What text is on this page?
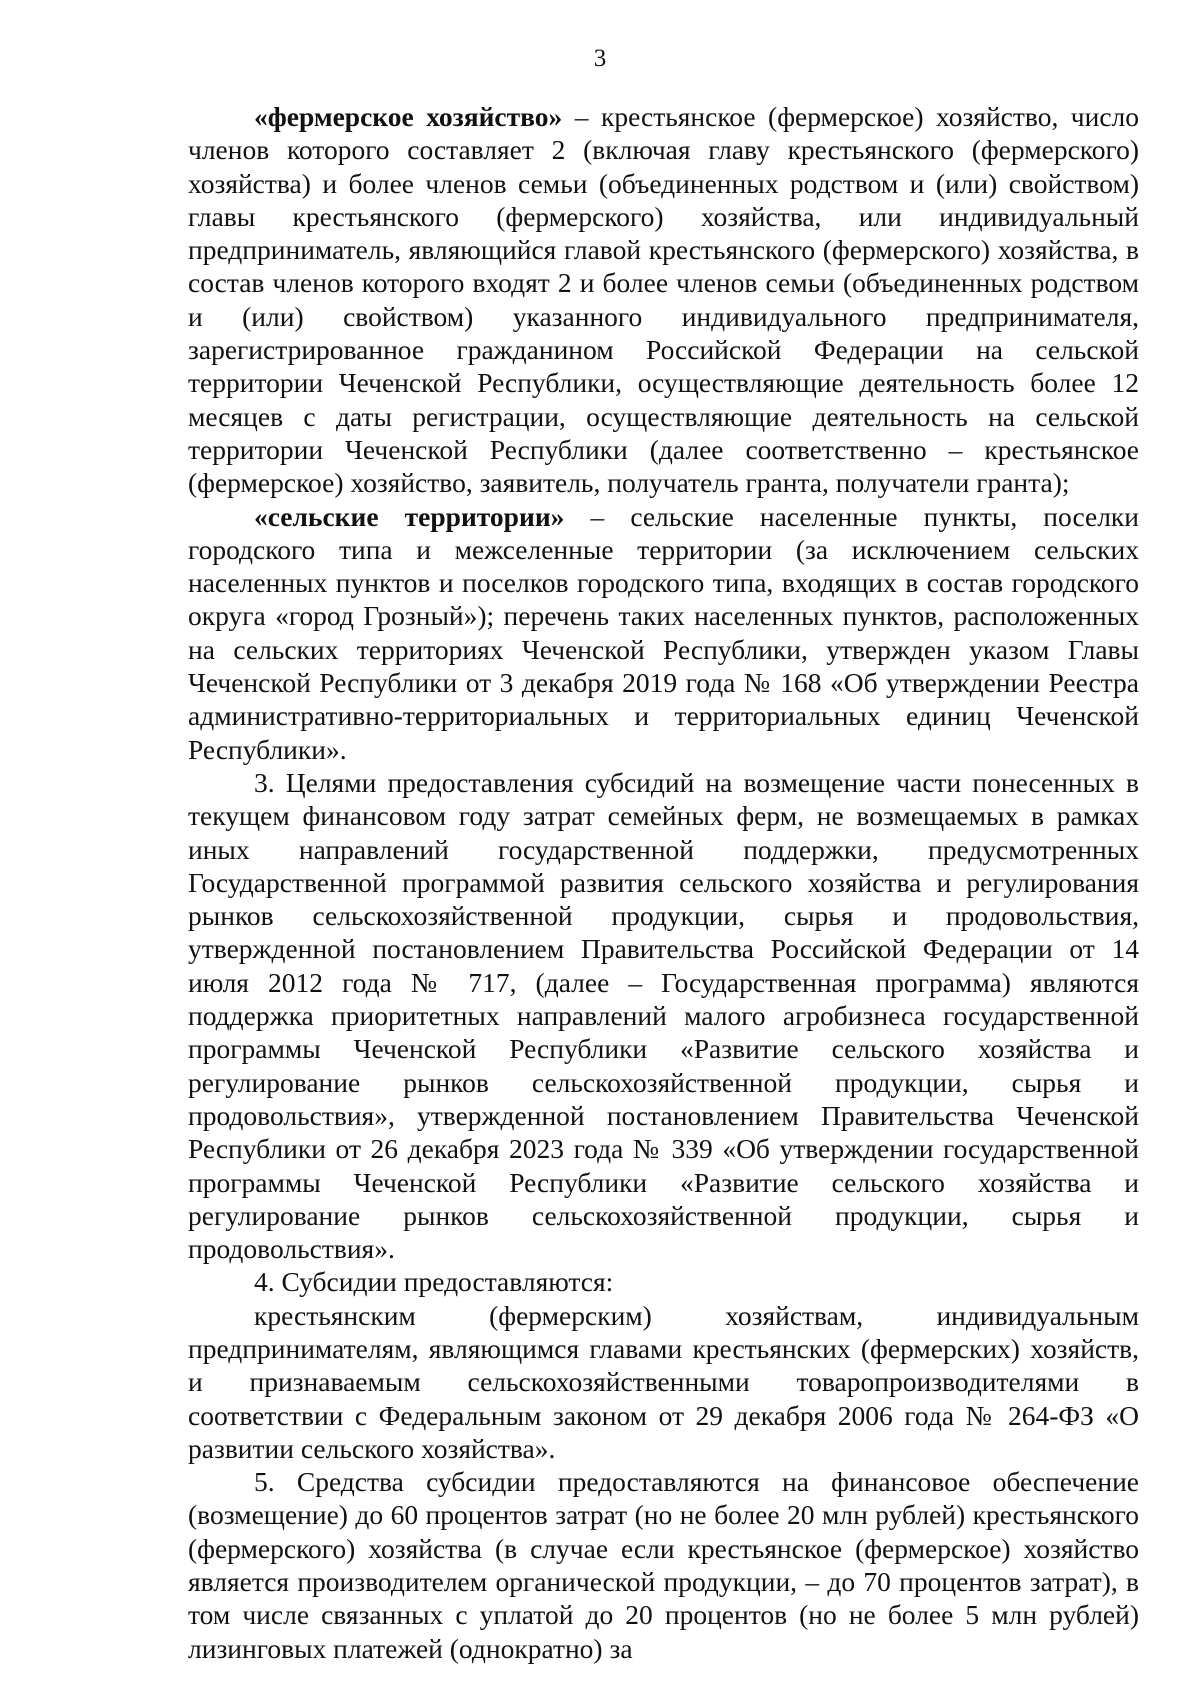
3

«фермерское хозяйство» – крестьянское (фермерское) хозяйство, число членов которого составляет 2 (включая главу крестьянского (фермерского) хозяйства) и более членов семьи (объединенных родством и (или) свойством) главы крестьянского (фермерского) хозяйства, или индивидуальный предприниматель, являющийся главой крестьянского (фермерского) хозяйства, в состав членов которого входят 2 и более членов семьи (объединенных родством и (или) свойством) указанного индивидуального предпринимателя, зарегистрированное гражданином Российской Федерации на сельской территории Чеченской Республики, осуществляющие деятельность более 12 месяцев с даты регистрации, осуществляющие деятельность на сельской территории Чеченской Республики (далее соответственно – крестьянское (фермерское) хозяйство, заявитель, получатель гранта, получатели гранта);

«сельские территории» – сельские населенные пункты, поселки городского типа и межселенные территории (за исключением сельских населенных пунктов и поселков городского типа, входящих в состав городского округа «город Грозный»); перечень таких населенных пунктов, расположенных на сельских территориях Чеченской Республики, утвержден указом Главы Чеченской Республики от 3 декабря 2019 года № 168 «Об утверждении Реестра административно-территориальных и территориальных единиц Чеченской Республики».

3. Целями предоставления субсидий на возмещение части понесенных в текущем финансовом году затрат семейных ферм, не возмещаемых в рамках иных направлений государственной поддержки, предусмотренных Государственной программой развития сельского хозяйства и регулирования рынков сельскохозяйственной продукции, сырья и продовольствия, утвержденной постановлением Правительства Российской Федерации от 14 июля 2012 года № 717, (далее – Государственная программа) являются поддержка приоритетных направлений малого агробизнеса государственной программы Чеченской Республики «Развитие сельского хозяйства и регулирование рынков сельскохозяйственной продукции, сырья и продовольствия», утвержденной постановлением Правительства Чеченской Республики от 26 декабря 2023 года № 339 «Об утверждении государственной программы Чеченской Республики «Развитие сельского хозяйства и регулирование рынков сельскохозяйственной продукции, сырья и продовольствия».

4. Субсидии предоставляются:

крестьянским (фермерским) хозяйствам, индивидуальным предпринимателям, являющимся главами крестьянских (фермерских) хозяйств, и признаваемым сельскохозяйственными товаропроизводителями в соответствии с Федеральным законом от 29 декабря 2006 года № 264-ФЗ «О развитии сельского хозяйства».

5. Средства субсидии предоставляются на финансовое обеспечение (возмещение) до 60 процентов затрат (но не более 20 млн рублей) крестьянского (фермерского) хозяйства (в случае если крестьянское (фермерское) хозяйство является производителем органической продукции, – до 70 процентов затрат), в том числе связанных с уплатой до 20 процентов (но не более 5 млн рублей) лизинговых платежей (однократно) за
